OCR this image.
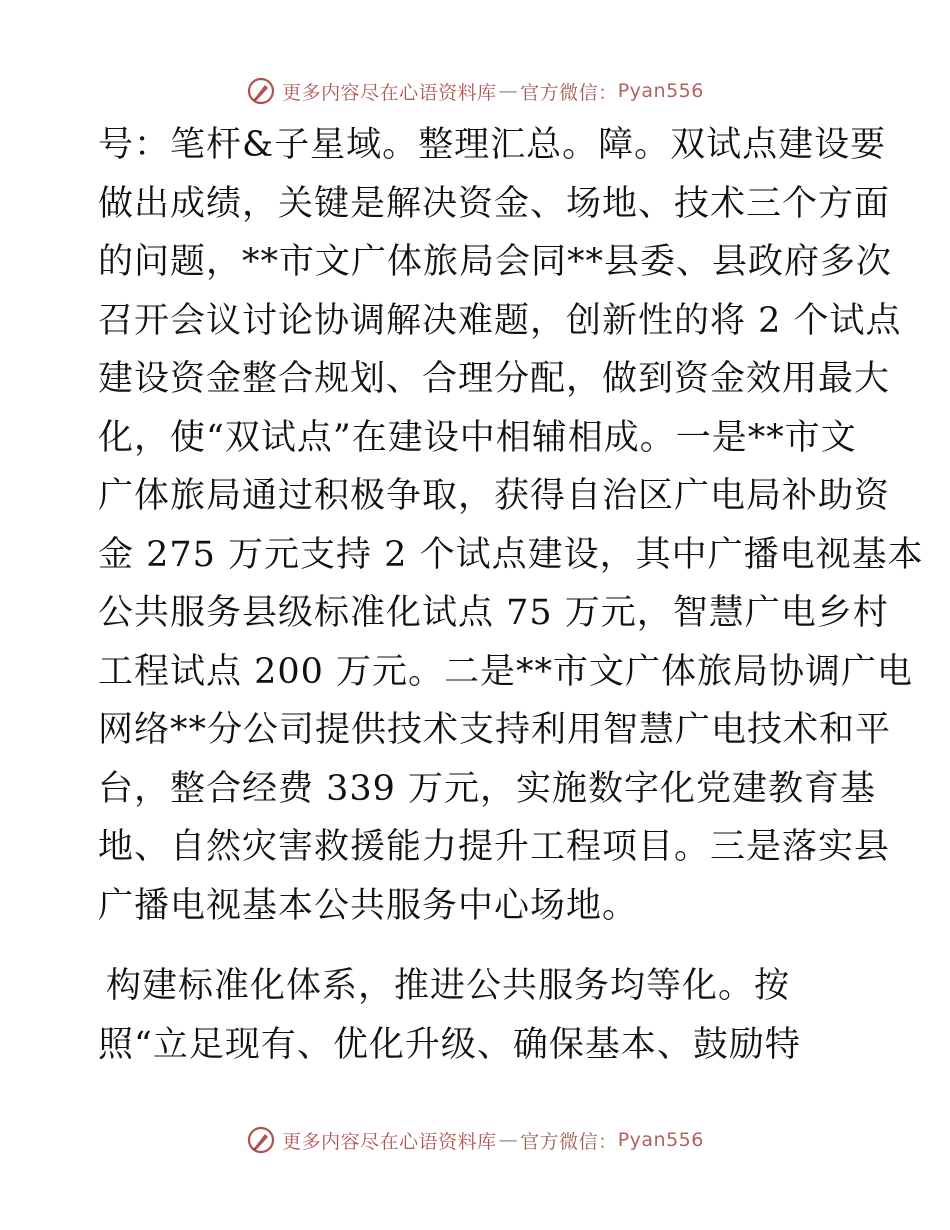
更多内容尽在心语资料库 — 官方微信： Pyan556
号：笔杆&子星域。整理汇总。障。双试点建设要
做出成绩，关键是解决资金、场地、技术三个方面
的问题，**市文广体旅局会同**县委、县政府多次
召开会议讨论协调解决难题，创新性的将 2 个试点
建设资金整合规划、合理分配，做到资金效用最大
化，使“双试点”在建设中相辅相成。一是**市文
广体旅局通过积极争取，获得自治区广电局补助资
金 275 万元支持 2 个试点建设，其中广播电视基本
公共服务县级标准化试点 75 万元，智慧广电乡村
工程试点 200 万元。二是**市文广体旅局协调广电
网络**分公司提供技术支持利用智慧广电技术和平
台，整合经费 339 万元，实施数字化党建教育基
地、自然灾害救援能力提升工程项目。三是落实县
广播电视基本公共服务中心场地。
构建标准化体系，推进公共服务均等化。按
照“立足现有、优化升级、确保基本、鼓励特
更多内容尽在心语资料库 — 官方微信： Pyan556
